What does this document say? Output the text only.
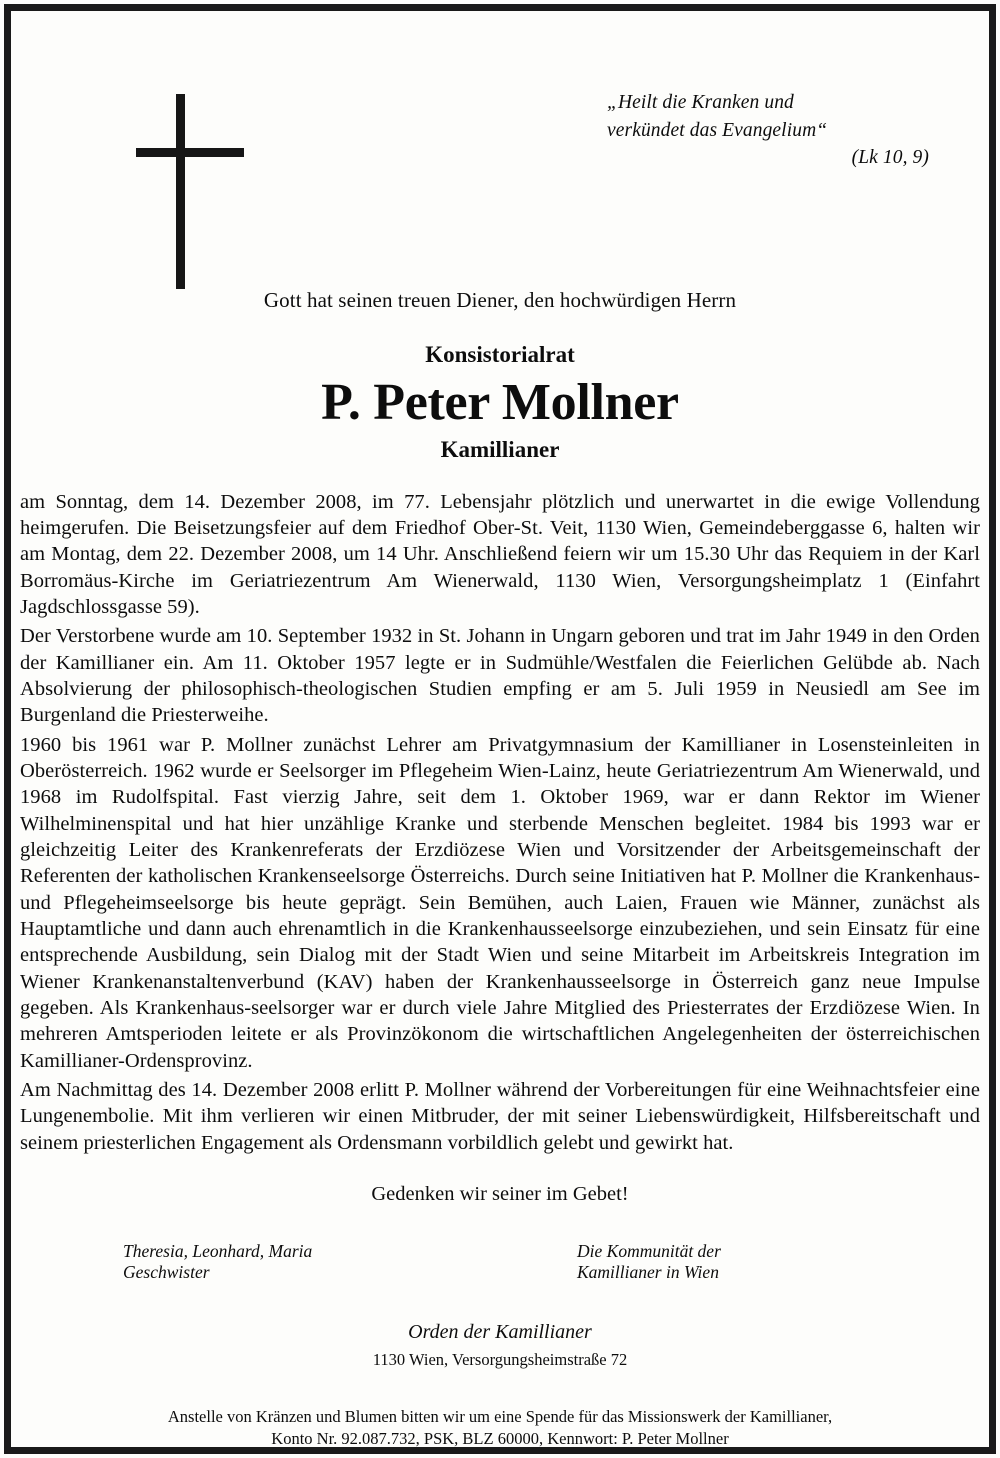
„Heilt die Kranken und
verkündet das Evangelium“
(Lk 10, 9)
Gott hat seinen treuen Diener, den hochwürdigen Herrn
Konsistorialrat
P. Peter Mollner
Kamillianer

am Sonntag, dem 14. Dezember 2008, im 77. Lebensjahr plötzlich und unerwartet in die ewige Vollendung heimgerufen. Die Beisetzungsfeier auf dem Friedhof Ober-St. Veit, 1130 Wien, Gemeindeberggasse 6, halten wir am Montag, dem 22. Dezember 2008, um 14 Uhr. Anschließend feiern wir um 15.30 Uhr das Requiem in der Karl Borromäus-Kirche im Geriatriezentrum Am Wienerwald, 1130 Wien, Versorgungsheimplatz 1 (Einfahrt Jagdschlossgasse 59).

Der Verstorbene wurde am 10. September 1932 in St. Johann in Ungarn geboren und trat im Jahr 1949 in den Orden der Kamillianer ein. Am 11. Oktober 1957 legte er in Sudmühle/Westfalen die Feierlichen Gelübde ab. Nach Absolvierung der philosophisch-theologischen Studien empfing er am 5. Juli 1959 in Neusiedl am See im Burgenland die Priesterweihe.

1960 bis 1961 war P. Mollner zunächst Lehrer am Privatgymnasium der Kamillianer in Losensteinleiten in Oberösterreich. 1962 wurde er Seelsorger im Pflegeheim Wien-Lainz, heute Geriatriezentrum Am Wienerwald, und 1968 im Rudolfspital. Fast vierzig Jahre, seit dem 1. Oktober 1969, war er dann Rektor im Wiener Wilhelminenspital und hat hier unzählige Kranke und sterbende Menschen begleitet. 1984 bis 1993 war er gleichzeitig Leiter des Krankenreferats der Erzdiözese Wien und Vorsitzender der Arbeitsgemeinschaft der Referenten der katholischen Krankenseelsorge Österreichs. Durch seine Initiativen hat P. Mollner die Krankenhaus- und Pflegeheimseelsorge bis heute geprägt. Sein Bemühen, auch Laien, Frauen wie Männer, zunächst als Hauptamtliche und dann auch ehrenamtlich in die Krankenhausseelsorge einzubeziehen, und sein Einsatz für eine entsprechende Ausbildung, sein Dialog mit der Stadt Wien und seine Mitarbeit im Arbeitskreis Integration im Wiener Krankenanstaltenverbund (KAV) haben der Krankenhausseelsorge in Österreich ganz neue Impulse gegeben. Als Krankenhaus-seelsorger war er durch viele Jahre Mitglied des Priesterrates der Erzdiözese Wien. In mehreren Amtsperioden leitete er als Provinzökonom die wirtschaftlichen Angelegenheiten der österreichischen Kamillianer-Ordensprovinz.

Am Nachmittag des 14. Dezember 2008 erlitt P. Mollner während der Vorbereitungen für eine Weihnachtsfeier eine Lungenembolie. Mit ihm verlieren wir einen Mitbruder, der mit seiner Liebenswürdigkeit, Hilfsbereitschaft und seinem priesterlichen Engagement als Ordensmann vorbildlich gelebt und gewirkt hat.

Gedenken wir seiner im Gebet!
Theresia, Leonhard, Maria
Geschwister
Die Kommunität der
Kamillianer in Wien
Orden der Kamillianer
1130 Wien, Versorgungsheimstraße 72
Anstelle von Kränzen und Blumen bitten wir um eine Spende für das Missionswerk der Kamillianer,
Konto Nr. 92.087.732, PSK, BLZ 60000, Kennwort: P. Peter Mollner
